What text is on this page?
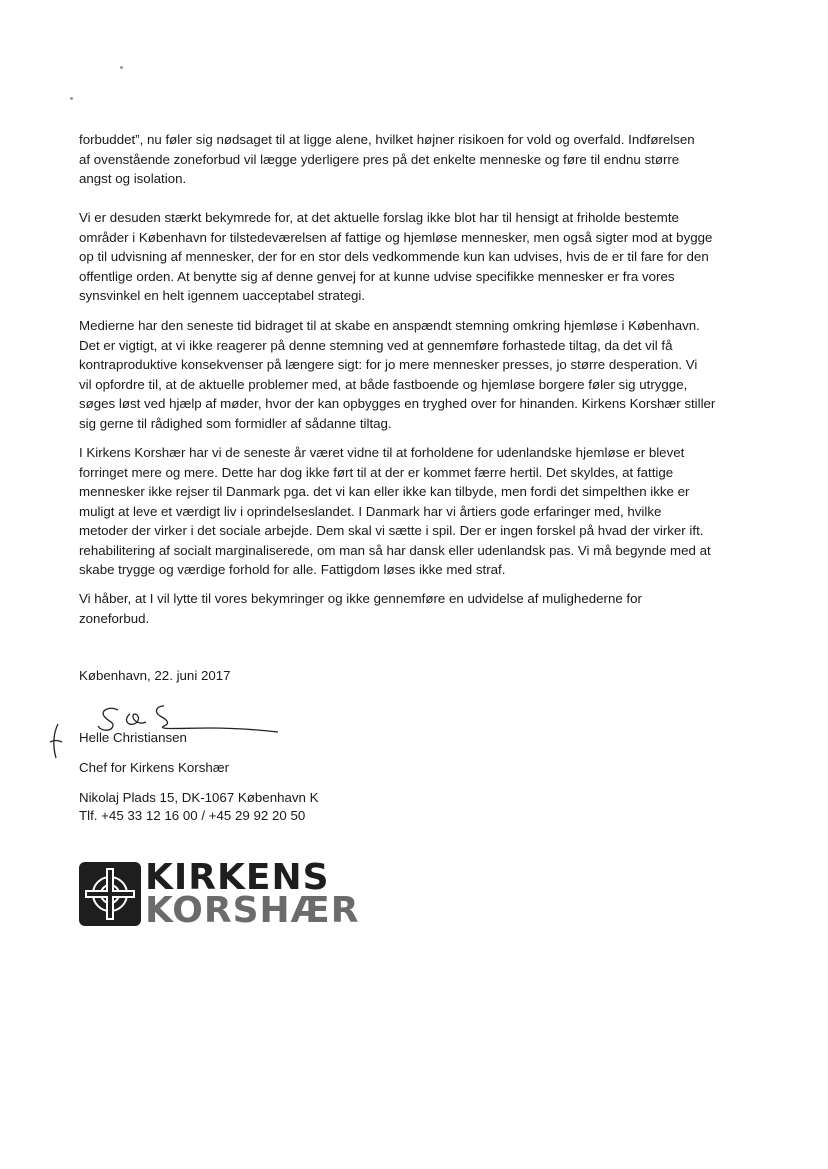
forbuddet”, nu føler sig nødsaget til at ligge alene, hvilket højner risikoen for vold og overfald. Indførelsen
af ovenstående zoneforbud vil lægge yderligere pres på det enkelte menneske og føre til endnu større
angst og isolation.

Vi er desuden stærkt bekymrede for, at det aktuelle forslag ikke blot har til hensigt at friholde bestemte
områder i København for tilstedeværelsen af fattige og hjemløse mennesker, men også sigter mod at bygge
op til udvisning af mennesker, der for en stor dels vedkommende kun kan udvises, hvis de er til fare for den
offentlige orden. At benytte sig af denne genvej for at kunne udvise specifikke mennesker er fra vores
synsvinkel en helt igennem uacceptabel strategi.

Medierne har den seneste tid bidraget til at skabe en anspændt stemning omkring hjemløse i København.
Det er vigtigt, at vi ikke reagerer på denne stemning ved at gennemføre forhastede tiltag, da det vil få
kontraproduktive konsekvenser på længere sigt: for jo mere mennesker presses, jo større desperation. Vi
vil opfordre til, at de aktuelle problemer med, at både fastboende og hjemløse borgere føler sig utrygge,
søges løst ved hjælp af møder, hvor der kan opbygges en tryghed over for hinanden. Kirkens Korshær stiller
sig gerne til rådighed som formidler af sådanne tiltag.

I Kirkens Korshær har vi de seneste år været vidne til at forholdene for udenlandske hjemløse er blevet
forringet mere og mere. Dette har dog ikke ført til at der er kommet færre hertil. Det skyldes, at fattige
mennesker ikke rejser til Danmark pga. det vi kan eller ikke kan tilbyde, men fordi det simpelthen ikke er
muligt at leve et værdigt liv i oprindelseslandet. I Danmark har vi årtiers gode erfaringer med, hvilke
metoder der virker i det sociale arbejde. Dem skal vi sætte i spil. Der er ingen forskel på hvad der virker ift.
rehabilitering af socialt marginaliserede, om man så har dansk eller udenlandsk pas. Vi må begynde med at
skabe trygge og værdige forhold for alle. Fattigdom løses ikke med straf.

Vi håber, at I vil lytte til vores bekymringer og ikke gennemføre en udvidelse af mulighederne for
zoneforbud.

København, 22. juni 2017
Helle Christiansen
Chef for Kirkens Korshær
Nikolaj Plads 15, DK-1067 København K
Tlf. +45 33 12 16 00 / +45 29 92 20 50
KIRKENS
KORSHÆR
